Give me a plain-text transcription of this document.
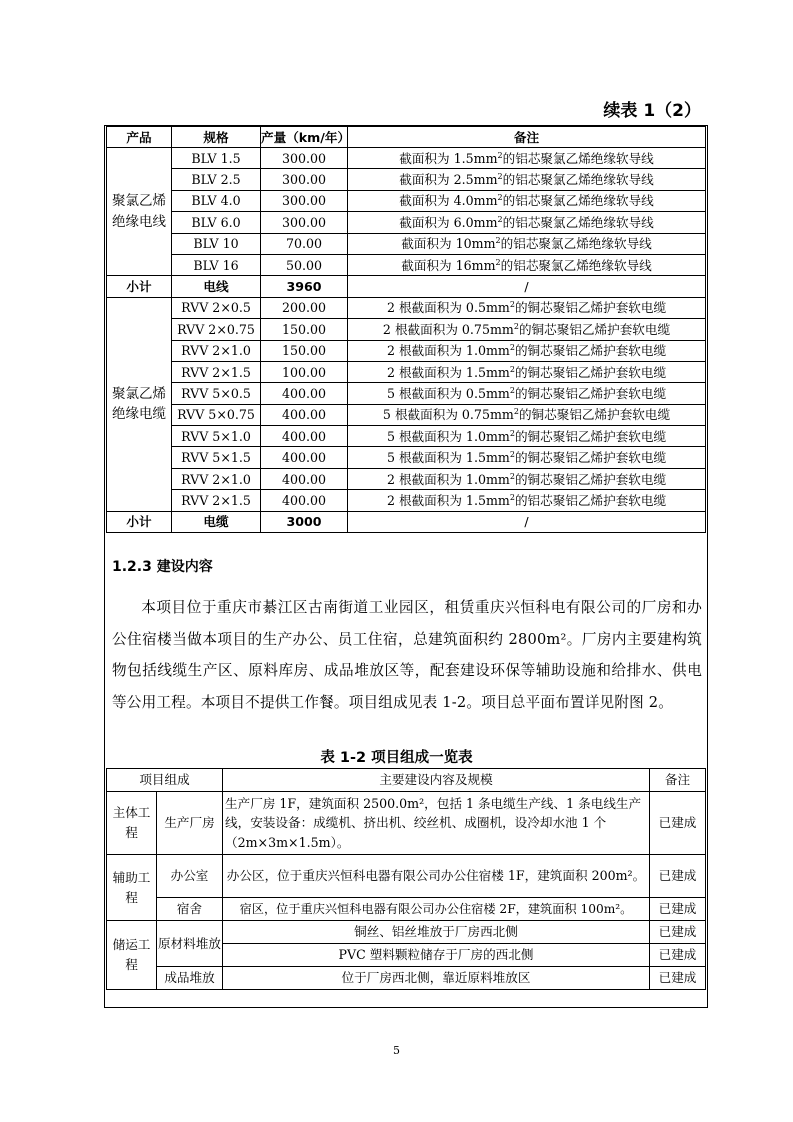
续表 1（2）
产品	规格	产量（km/年）	备注

聚氯乙烯
绝缘电线	BLV 1.5	300.00	截面积为 $1.5mm^2$的铝芯聚氯乙烯绝缘软导线
	BLV 2.5	300.00	截面积为 $2.5mm^2$的铝芯聚氯乙烯绝缘软导线
	BLV 4.0	300.00	截面积为 $4.0mm^2$的铝芯聚氯乙烯绝缘软导线
	BLV 6.0	300.00	截面积为 $6.0mm^2$的铝芯聚氯乙烯绝缘软导线
	BLV 10	70.00	截面积为 $10mm^2$的铝芯聚氯乙烯绝缘软导线
	BLV 16	50.00	截面积为 $16mm^2$的铝芯聚氯乙烯绝缘软导线
小计	电线	3960	/

聚氯乙烯
绝缘电缆	RVV 2×0.5	200.00	2 根截面积为 $0.5mm^2$的铜芯聚铝乙烯护套软电缆
	RVV 2×0.75	150.00	2 根截面积为 $0.75mm^2$的铜芯聚铝乙烯护套软电缆
	RVV 2×1.0	150.00	2 根截面积为 $1.0mm^2$的铜芯聚铝乙烯护套软电缆
	RVV 2×1.5	100.00	2 根截面积为 $1.5mm^2$的铜芯聚铝乙烯护套软电缆
	RVV 5×0.5	400.00	5 根截面积为 $0.5mm^2$的铜芯聚铝乙烯护套软电缆
	RVV 5×0.75	400.00	5 根截面积为 $0.75mm^2$的铜芯聚铝乙烯护套软电缆
	RVV 5×1.0	400.00	5 根截面积为 $1.0mm^2$的铜芯聚铝乙烯护套软电缆
	RVV 5×1.5	400.00	5 根截面积为 $1.5mm^2$的铜芯聚铝乙烯护套软电缆
	RVV 2×1.0	400.00	2 根截面积为 $1.0mm^2$的铜芯聚铝乙烯护套软电缆
	RVV 2×1.5	400.00	2 根截面积为 $1.5mm^2$的铝芯聚铝乙烯护套软电缆
小计	电缆	3000	/
1.2.3 建设内容
本项目位于重庆市綦江区古南街道工业园区，租赁重庆兴恒科电有限公司的厂房和办公住宿楼当做本项目的生产办公、员工住宿，总建筑面积约 2800m²。厂房内主要建构筑物包括线缆生产区、原料库房、成品堆放区等，配套建设环保等辅助设施和给排水、供电等公用工程。本项目不提供工作餐。项目组成见表 1-2。项目总平面布置详见附图 2。
表 1-2 项目组成一览表
项目组成		主要建设内容及规模	备注
主体工程	生产厂房	生产厂房 1F，建筑面积 2500.0m²，包括 1 条电缆生产线、1 条电线生产线，安装设备：成缆机、挤出机、绞丝机、成圈机，设冷却水池 1 个（2m×3m×1.5m）。	已建成
辅助工程	办公室	办公区，位于重庆兴恒科电器有限公司办公住宿楼 1F，建筑面积 200m²。	已建成
	宿舍	宿区，位于重庆兴恒科电器有限公司办公住宿楼 2F，建筑面积 100m²。	已建成
储运工程	原材料堆放	铜丝、铝丝堆放于厂房西北侧	已建成
		PVC 塑料颗粒储存于厂房的西北侧	已建成
	成品堆放	位于厂房西北侧，靠近原料堆放区	已建成
5
